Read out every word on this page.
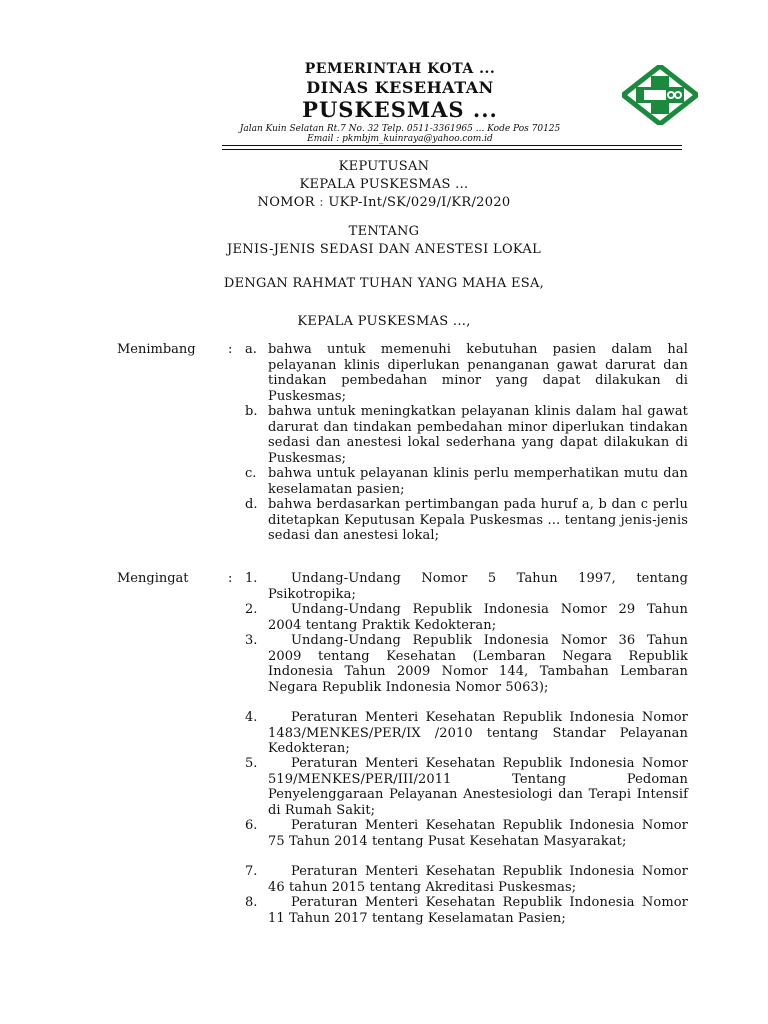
PEMERINTAH KOTA ...
DINAS KESEHATAN
PUSKESMAS ...
Jalan Kuin Selatan Rt.7 No. 32 Telp. 0511-3361965 ... Kode Pos 70125
Email : pkmbjm_kuinraya@yahoo.com.id
KEPUTUSAN
KEPALA PUSKESMAS ...
NOMOR : UKP-Int/SK/029/I/KR/2020
TENTANG
JENIS-JENIS SEDASI DAN ANESTESI LOKAL
DENGAN RAHMAT TUHAN YANG MAHA ESA,
KEPALA PUSKESMAS ...,
Menimbang : a. bahwa untuk memenuhi kebutuhan pasien dalam hal pelayanan klinis diperlukan penanganan gawat darurat dan tindakan pembedahan minor yang dapat dilakukan di Puskesmas;
b. bahwa untuk meningkatkan pelayanan klinis dalam hal gawat darurat dan tindakan pembedahan minor diperlukan tindakan sedasi dan anestesi lokal sederhana yang dapat dilakukan di Puskesmas;
c. bahwa untuk pelayanan klinis perlu memperhatikan mutu dan keselamatan pasien;
d. bahwa berdasarkan pertimbangan pada huruf a, b dan c perlu ditetapkan Keputusan Kepala Puskesmas ... tentang jenis-jenis sedasi dan anestesi lokal;
Mengingat	: 1.	Undang-Undang Nomor 5 Tahun 1997, tentang Psikotropika;
2.	Undang-Undang Republik Indonesia Nomor 29 Tahun 2004 tentang Praktik Kedokteran;
3.	Undang-Undang Republik Indonesia Nomor 36 Tahun 2009 tentang Kesehatan (Lembaran Negara Republik Indonesia Tahun 2009 Nomor 144, Tambahan Lembaran Negara Republik Indonesia Nomor 5063);
4.	Peraturan Menteri Kesehatan Republik Indonesia Nomor 1483/MENKES/PER/IX /2010 tentang Standar Pelayanan Kedokteran;
5.	Peraturan Menteri Kesehatan Republik Indonesia Nomor 519/MENKES/PER/III/2011 Tentang Pedoman Penyelenggaraan Pelayanan Anestesiologi dan Terapi Intensif di Rumah Sakit;
6.	Peraturan Menteri Kesehatan Republik Indonesia Nomor 75 Tahun 2014 tentang Pusat Kesehatan Masyarakat;
7.	Peraturan Menteri Kesehatan Republik Indonesia Nomor 46 tahun 2015 tentang Akreditasi Puskesmas;
8.	Peraturan Menteri Kesehatan Republik Indonesia Nomor 11 Tahun 2017 tentang Keselamatan Pasien;
